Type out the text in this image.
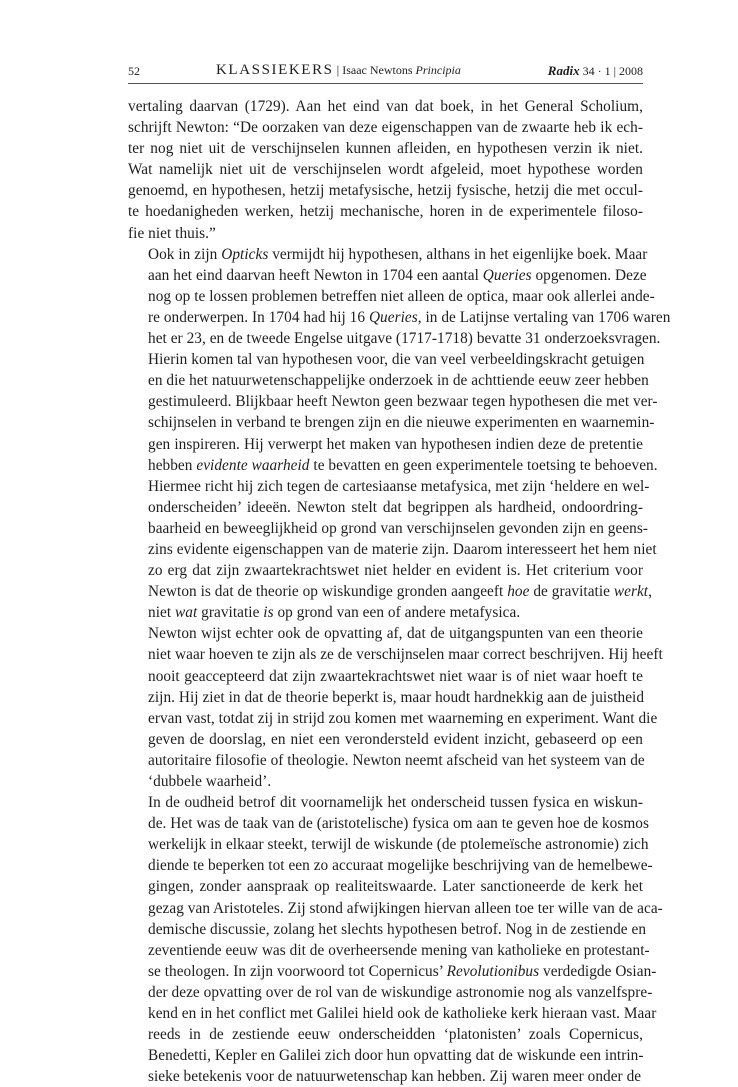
52	KLASSIEKERS | Isaac Newtons Principia	Radix 34 · 1 | 2008

vertaling daarvan (1729). Aan het eind van dat boek, in het General Scholium,
schrijft Newton: “De oorzaken van deze eigenschappen van de zwaarte heb ik ech-
ter nog niet uit de verschijnselen kunnen afleiden, en hypothesen verzin ik niet.
Wat namelijk niet uit de verschijnselen wordt afgeleid, moet hypothese worden
genoemd, en hypothesen, hetzij metafysische, hetzij fysische, hetzij die met occul-
te hoedanigheden werken, hetzij mechanische, horen in de experimentele filoso-
fie niet thuis.”

Ook in zijn Opticks vermijdt hij hypothesen, althans in het eigenlijke boek. Maar
aan het eind daarvan heeft Newton in 1704 een aantal Queries opgenomen. Deze
nog op te lossen problemen betreffen niet alleen de optica, maar ook allerlei ande-
re onderwerpen. In 1704 had hij 16 Queries, in de Latijnse vertaling van 1706 waren
het er 23, en de tweede Engelse uitgave (1717-1718) bevatte 31 onderzoeksvragen.
Hierin komen tal van hypothesen voor, die van veel verbeeldingskracht getuigen
en die het natuurwetenschappelijke onderzoek in de achttiende eeuw zeer hebben
gestimuleerd. Blijkbaar heeft Newton geen bezwaar tegen hypothesen die met ver-
schijnselen in verband te brengen zijn en die nieuwe experimenten en waarnemin-
gen inspireren. Hij verwerpt het maken van hypothesen indien deze de pretentie
hebben evidente waarheid te bevatten en geen experimentele toetsing te behoeven.
Hiermee richt hij zich tegen de cartesiaanse metafysica, met zijn ‘heldere en wel-
onderscheiden’ ideeën. Newton stelt dat begrippen als hardheid, ondoordring-
baarheid en beweeglijkheid op grond van verschijnselen gevonden zijn en geens-
zins evidente eigenschappen van de materie zijn. Daarom interesseert het hem niet
zo erg dat zijn zwaartekrachtswet niet helder en evident is. Het criterium voor
Newton is dat de theorie op wiskundige gronden aangeeft hoe de gravitatie werkt,
niet wat gravitatie is op grond van een of andere metafysica.

Newton wijst echter ook de opvatting af, dat de uitgangspunten van een theorie
niet waar hoeven te zijn als ze de verschijnselen maar correct beschrijven. Hij heeft
nooit geaccepteerd dat zijn zwaartekrachtswet niet waar is of niet waar hoeft te
zijn. Hij ziet in dat de theorie beperkt is, maar houdt hardnekkig aan de juistheid
ervan vast, totdat zij in strijd zou komen met waarneming en experiment. Want die
geven de doorslag, en niet een verondersteld evident inzicht, gebaseerd op een
autoritaire filosofie of theologie. Newton neemt afscheid van het systeem van de
‘dubbele waarheid’.

In de oudheid betrof dit voornamelijk het onderscheid tussen fysica en wiskun-
de. Het was de taak van de (aristotelische) fysica om aan te geven hoe de kosmos
werkelijk in elkaar steekt, terwijl de wiskunde (de ptolemeïsche astronomie) zich
diende te beperken tot een zo accuraat mogelijke beschrijving van de hemelbewe-
gingen, zonder aanspraak op realiteitswaarde. Later sanctioneerde de kerk het
gezag van Aristoteles. Zij stond afwijkingen hiervan alleen toe ter wille van de aca-
demische discussie, zolang het slechts hypothesen betrof. Nog in de zestiende en
zeventiende eeuw was dit de overheersende mening van katholieke en protestant-
se theologen. In zijn voorwoord tot Copernicus’ Revolutionibus verdedigde Osian-
der deze opvatting over de rol van de wiskundige astronomie nog als vanzelfspre-
kend en in het conflict met Galilei hield ook de katholieke kerk hieraan vast. Maar
reeds in de zestiende eeuw onderscheidden ‘platonisten’ zoals Copernicus,
Benedetti, Kepler en Galilei zich door hun opvatting dat de wiskunde een intrin-
sieke betekenis voor de natuurwetenschap kan hebben. Zij waren meer onder de
